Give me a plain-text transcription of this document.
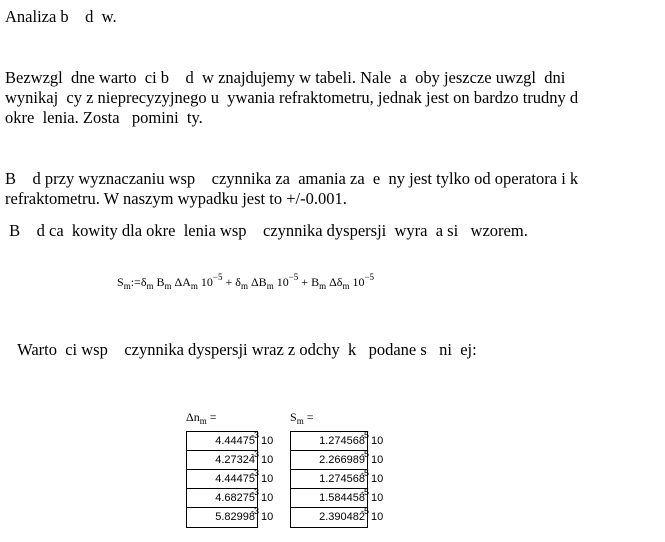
Analiza b    d  w.
Bezwzgl  dne warto  ci b    d  w znajdujemy w tabeli. Nale  a  oby jeszcze uwzgl  dni
wynikaj  cy z nieprecyzyjnego u  ywania refraktometru, jednak jest on bardzo trudny d
okre  lenia. Zosta   pomini  ty.
B    d przy wyznaczaniu wsp    czynnika za  amania za  e  ny jest tylko od operatora i k
refraktometru. W naszym wypadku jest to +/-0.001.
B    d ca  kowity dla okre  lenia wsp    czynnika dyspersji  wyra  a si   wzorem.
$S_m:=\delta_m$ $B_m$ $\Delta A_m$ $10^{-5} + \delta_m$ $\Delta B_m$ $10^{-5} + B_m$ $\Delta\delta_m$ $10^{-5}$
Warto  ci wsp    czynnika dyspersji wraz z odchy  k   podane s   ni  ej:
$\Delta n_m$ =
4.44475
-3 10
4.27324
-3 10
4.44475
-3 10
4.68275
-3 10
5.82998
-3 10
$S_m$ =
1.274568
-5 10
2.266989
-5 10
1.274568
-5 10
1.584458
-5 10
2.390482
-5 10
